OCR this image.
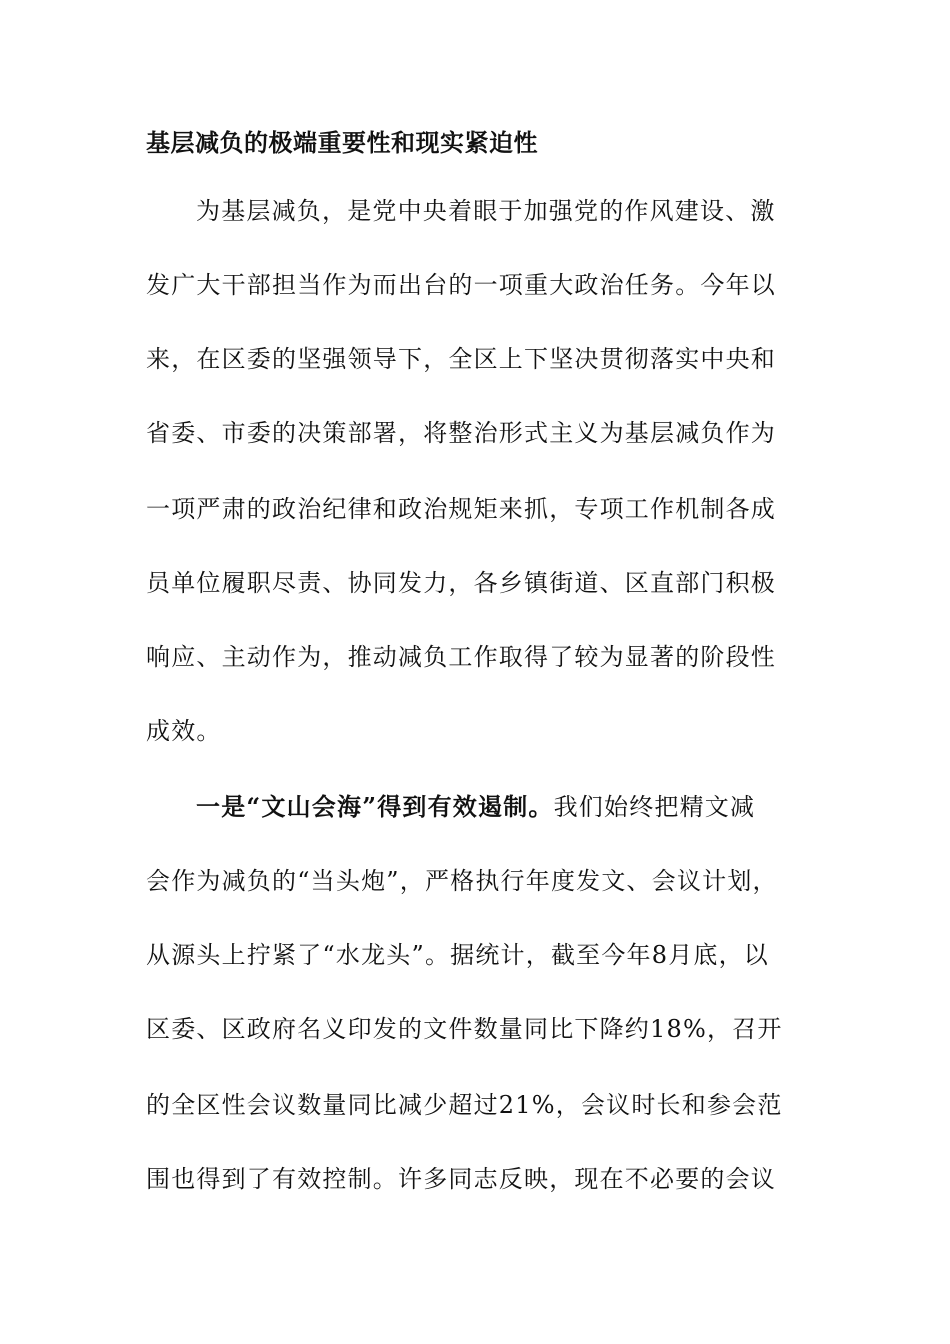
基层减负的极端重要性和现实紧迫性
为基层减负，是党中央着眼于加强党的作风建设、激
发广大干部担当作为而出台的一项重大政治任务。今年以
来，在区委的坚强领导下，全区上下坚决贯彻落实中央和
省委、市委的决策部署，将整治形式主义为基层减负作为
一项严肃的政治纪律和政治规矩来抓，专项工作机制各成
员单位履职尽责、协同发力，各乡镇街道、区直部门积极
响应、主动作为，推动减负工作取得了较为显著的阶段性
成效。
一是“文山会海”得到有效遏制。我们始终把精文减
会作为减负的“当头炮”，严格执行年度发文、会议计划，
从源头上拧紧了“水龙头”。据统计，截至今年8月底，以
区委、区政府名义印发的文件数量同比下降约18%，召开
的全区性会议数量同比减少超过21%，会议时长和参会范
围也得到了有效控制。许多同志反映，现在不必要的会议
